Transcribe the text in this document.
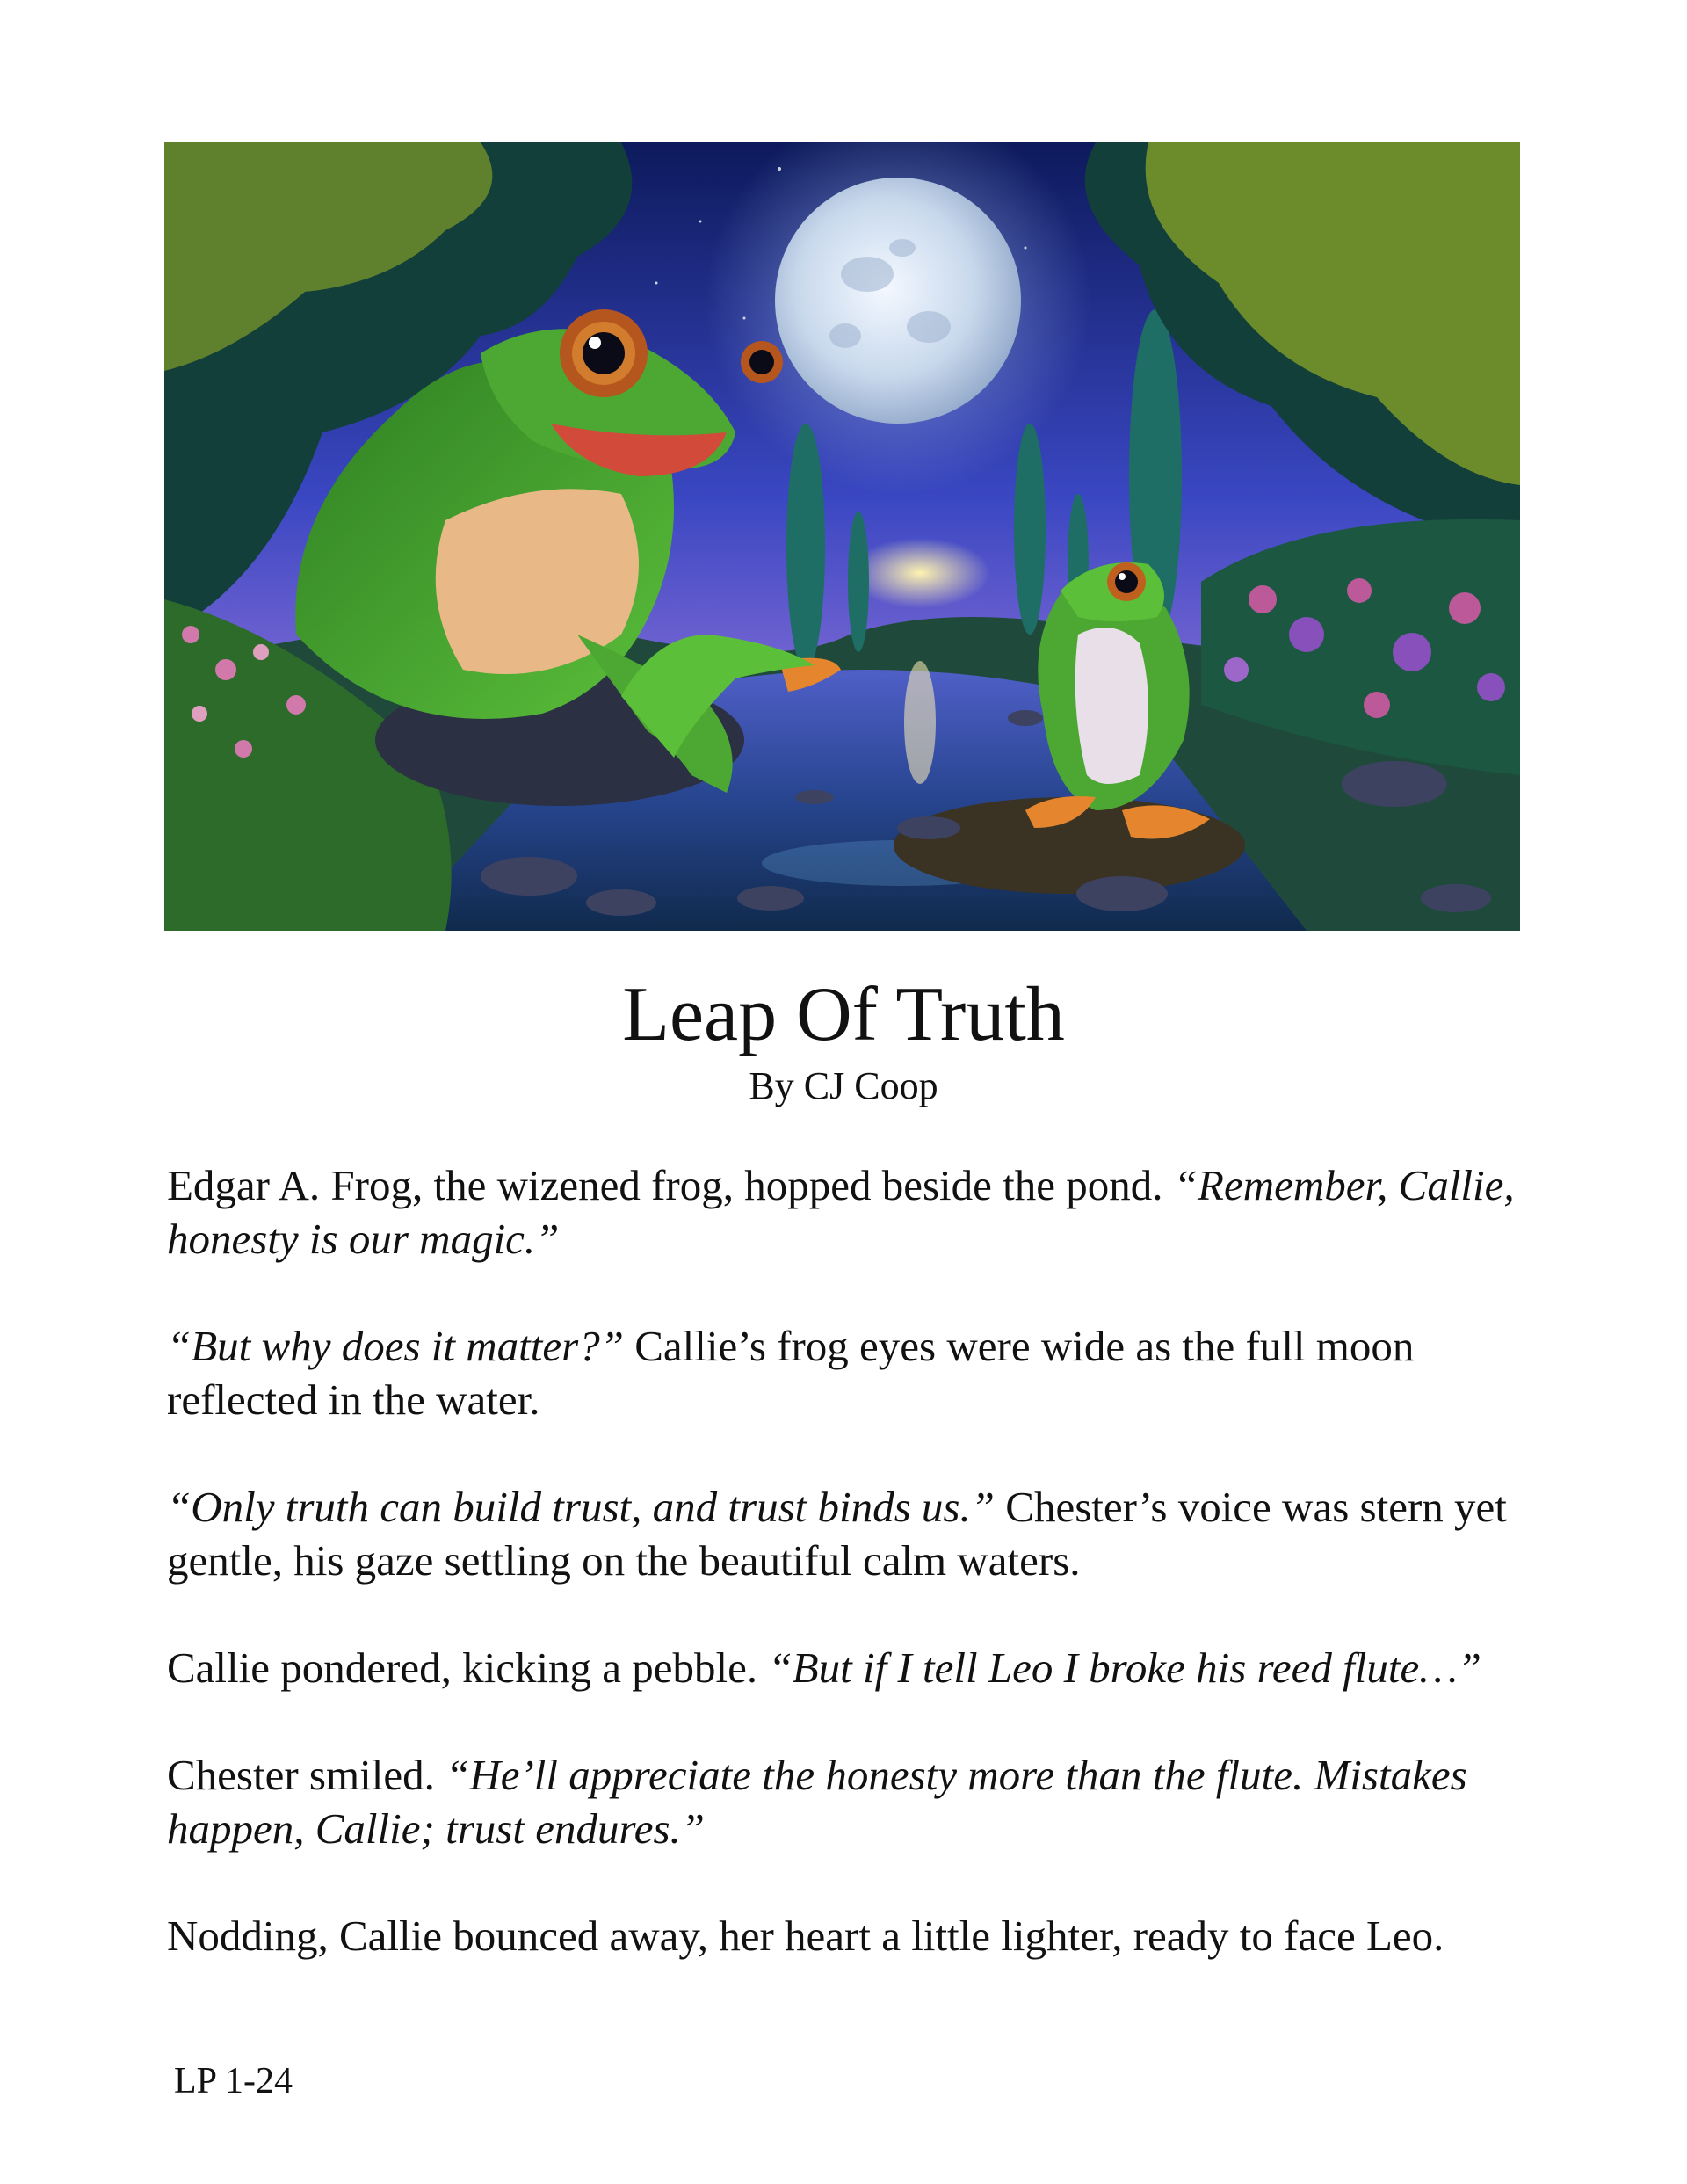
Leap Of Truth
By CJ Coop

Edgar A. Frog, the wizened frog, hopped beside the pond. “Remember, Callie, honesty is our magic.”

“But why does it matter?” Callie’s frog eyes were wide as the full moon reflected in the water.

“Only truth can build trust, and trust binds us.” Chester’s voice was stern yet gentle, his gaze settling on the beautiful calm waters.

Callie pondered, kicking a pebble. “But if I tell Leo I broke his reed flute…”

Chester smiled. “He’ll appreciate the honesty more than the flute. Mistakes happen, Callie; trust endures.”

Nodding, Callie bounced away, her heart a little lighter, ready to face Leo.

LP 1-24
